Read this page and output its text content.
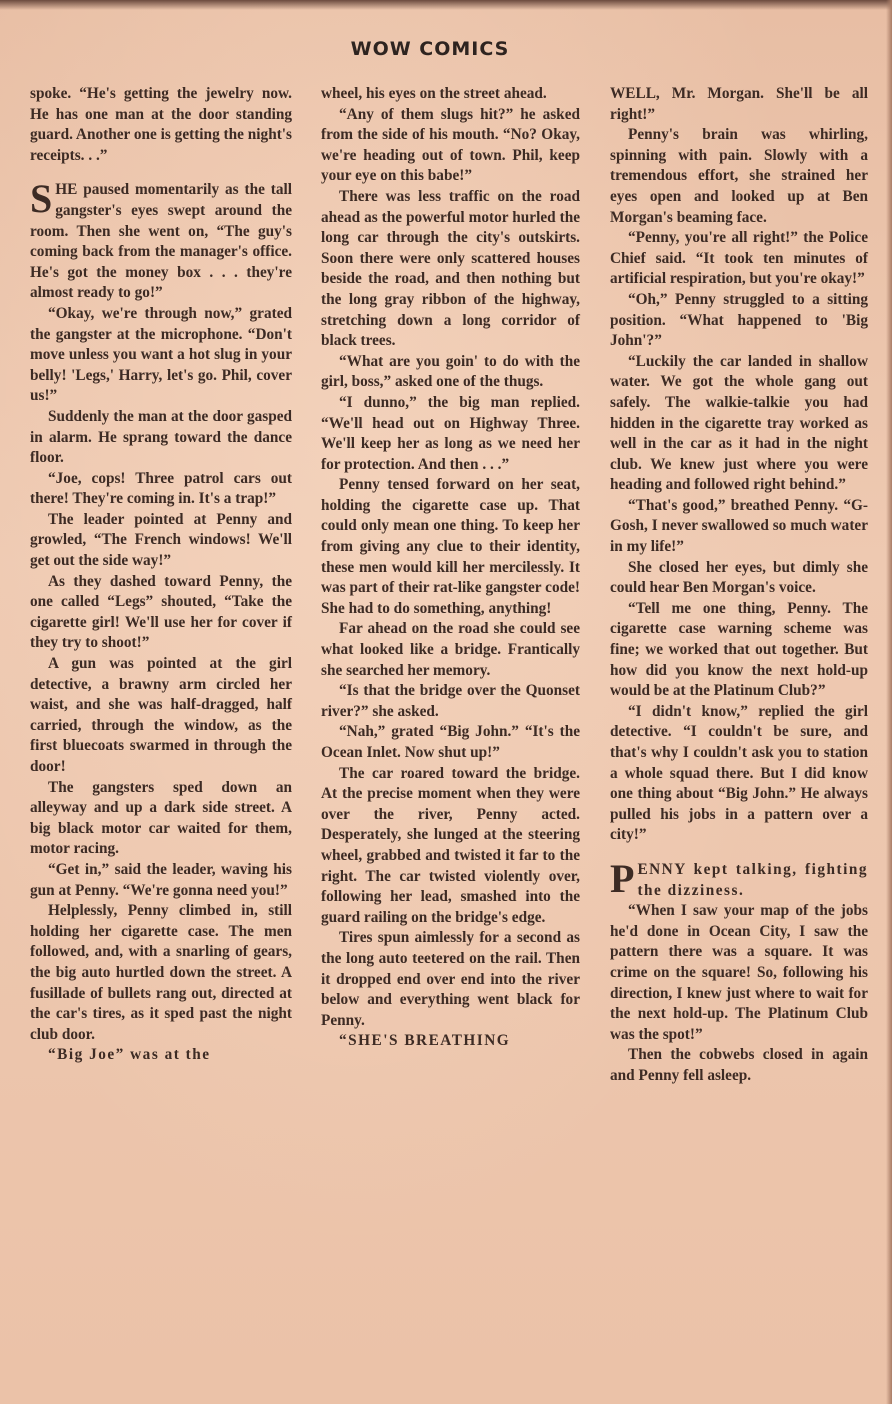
WOW COMICS

spoke. “He's getting the jewelry now. He has one man at the door standing guard. Another one is getting the night's receipts. . .”

SHE paused momentarily as the tall gangster's eyes swept around the room. Then she went on, “The guy's coming back from the manager's office. He's got the money box . . . they're almost ready to go!”

“Okay, we're through now,” grated the gangster at the microphone. “Don't move unless you want a hot slug in your belly! 'Legs,' Harry, let's go. Phil, cover us!”

Suddenly the man at the door gasped in alarm. He sprang toward the dance floor.

“Joe, cops! Three patrol cars out there! They're coming in. It's a trap!”

The leader pointed at Penny and growled, “The French windows! We'll get out the side way!”

As they dashed toward Penny, the one called “Legs” shouted, “Take the cigarette girl! We'll use her for cover if they try to shoot!”

A gun was pointed at the girl detective, a brawny arm circled her waist, and she was half-dragged, half carried, through the window, as the first bluecoats swarmed in through the door!

The gangsters sped down an alleyway and up a dark side street. A big black motor car waited for them, motor racing.

“Get in,” said the leader, waving his gun at Penny. “We're gonna need you!”

Helplessly, Penny climbed in, still holding her cigarette case. The men followed, and, with a snarling of gears, the big auto hurtled down the street. A fusillade of bullets rang out, directed at the car's tires, as it sped past the night club door.

“Big Joe” was at the

wheel, his eyes on the street ahead.

“Any of them slugs hit?” he asked from the side of his mouth. “No? Okay, we're heading out of town. Phil, keep your eye on this babe!”

There was less traffic on the road ahead as the powerful motor hurled the long car through the city's outskirts. Soon there were only scattered houses beside the road, and then nothing but the long gray ribbon of the highway, stretching down a long corridor of black trees.

“What are you goin' to do with the girl, boss,” asked one of the thugs.

“I dunno,” the big man replied. “We'll head out on Highway Three. We'll keep her as long as we need her for protection. And then . . .”

Penny tensed forward on her seat, holding the cigarette case up. That could only mean one thing. To keep her from giving any clue to their identity, these men would kill her mercilessly. It was part of their rat-like gangster code! She had to do something, anything!

Far ahead on the road she could see what looked like a bridge. Frantically she searched her memory.

“Is that the bridge over the Quonset river?” she asked.

“Nah,” grated “Big John.” “It's the Ocean Inlet. Now shut up!”

The car roared toward the bridge. At the precise moment when they were over the river, Penny acted. Desperately, she lunged at the steering wheel, grabbed and twisted it far to the right. The car twisted violently over, following her lead, smashed into the guard railing on the bridge's edge.

Tires spun aimlessly for a second as the long auto teetered on the rail. Then it dropped end over end into the river below and everything went black for Penny.

“SHE'S BREATHING

WELL, Mr. Morgan. She'll be all right!”

Penny's brain was whirling, spinning with pain. Slowly with a tremendous effort, she strained her eyes open and looked up at Ben Morgan's beaming face.

“Penny, you're all right!” the Police Chief said. “It took ten minutes of artificial respiration, but you're okay!”

“Oh,” Penny struggled to a sitting position. “What happened to 'Big John'?”

“Luckily the car landed in shallow water. We got the whole gang out safely. The walkie-talkie you had hidden in the cigarette tray worked as well in the car as it had in the night club. We knew just where you were heading and followed right behind.”

“That's good,” breathed Penny. “G-Gosh, I never swallowed so much water in my life!”

She closed her eyes, but dimly she could hear Ben Morgan's voice.

“Tell me one thing, Penny. The cigarette case warning scheme was fine; we worked that out together. But how did you know the next hold-up would be at the Platinum Club?”

“I didn't know,” replied the girl detective. “I couldn't be sure, and that's why I couldn't ask you to station a whole squad there. But I did know one thing about “Big John.” He always pulled his jobs in a pattern over a city!”

PENNY kept talking, fighting the dizziness.

“When I saw your map of the jobs he'd done in Ocean City, I saw the pattern there was a square. It was crime on the square! So, following his direction, I knew just where to wait for the next hold-up. The Platinum Club was the spot!”

Then the cobwebs closed in again and Penny fell asleep.
